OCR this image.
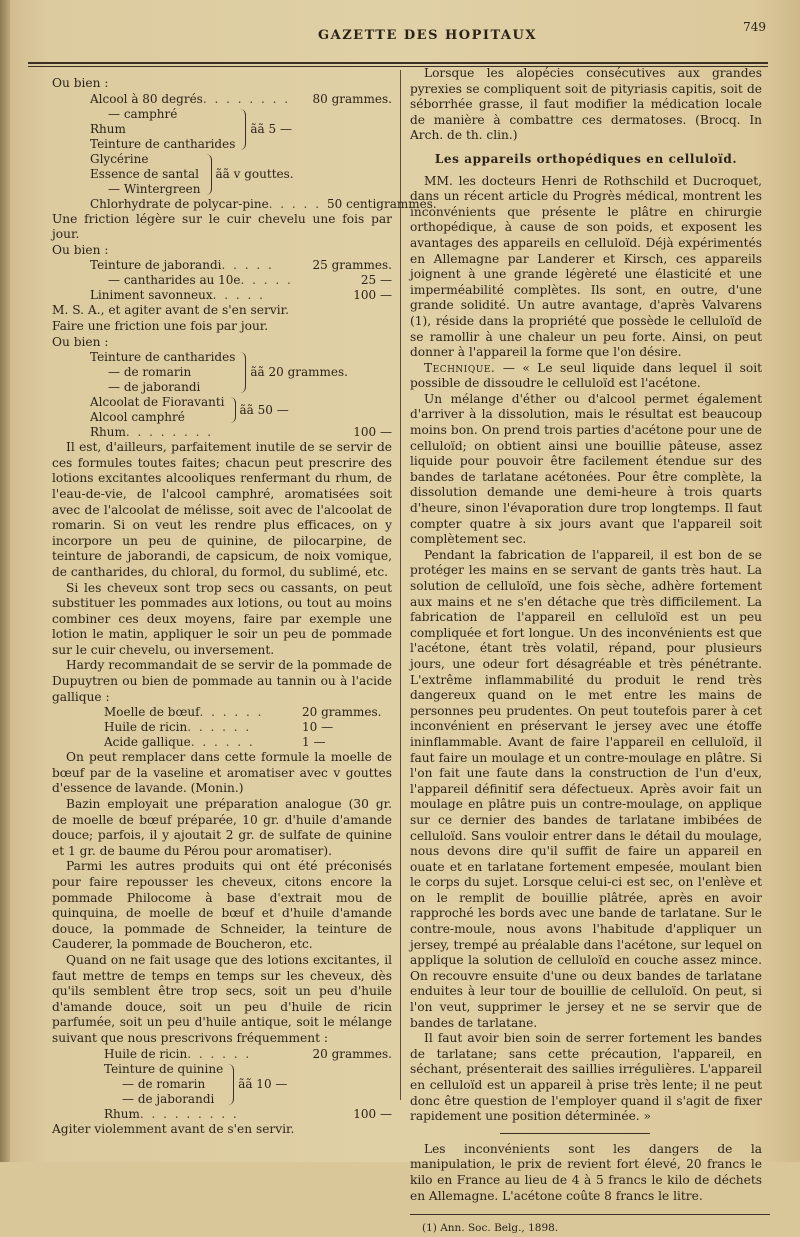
GAZETTE DES HOPITAUX
749

Ou bien :

Alcool à 80 degrés . . . . . . . .	80 grammes.
— camphré
Rhum
Teinture de cantharides
ãã 5 —
Glycérine
Essence de santal
— Wintergreen
ãã v gouttes.
Chlorhydrate de polycar-pine . . . . . 50 centigrammes.

Une friction légère sur le cuir chevelu une fois par jour.

Ou bien :

Teinture de jaborandi . . . . .	25 grammes.
— cantharides au 10e . . . . .	25 —
Liniment savonneux . . . . .	100 —

M. S. A., et agiter avant de s'en servir.

Faire une friction une fois par jour.

Ou bien :

Teinture de cantharides
— de romarin
— de jaborandi
ãã 20 grammes.
Alcoolat de Fioravanti
Alcool camphré
ãã 50 —
Rhum . . . . . . . .	100 —

Il est, d'ailleurs, parfaitement inutile de se servir de ces formules toutes faites; chacun peut prescrire des lotions excitantes alcooliques renfermant du rhum, de l'eau-de-vie, de l'alcool camphré, aromatisées soit avec de l'alcoolat de mélisse, soit avec de l'alcoolat de romarin. Si on veut les rendre plus efficaces, on y incorpore un peu de quinine, de pilocarpine, de teinture de jaborandi, de capsicum, de noix vomique, de cantharides, du chloral, du formol, du sublimé, etc.

Si les cheveux sont trop secs ou cassants, on peut substituer les pommades aux lotions, ou tout au moins combiner ces deux moyens, faire par exemple une lotion le matin, appliquer le soir un peu de pommade sur le cuir chevelu, ou inversement.

Hardy recommandait de se servir de la pommade de Dupuytren ou bien de pommade au tannin ou à l'acide gallique :

Moelle de bœuf . . . . . .	20 grammes.
Huile de ricin . . . . . .	10 —
Acide gallique . . . . . .	1 —

On peut remplacer dans cette formule la moelle de bœuf par de la vaseline et aromatiser avec v gouttes d'essence de lavande. (Monin.)

Bazin employait une préparation analogue (30 gr. de moelle de bœuf préparée, 10 gr. d'huile d'amande douce; parfois, il y ajoutait 2 gr. de sulfate de quinine et 1 gr. de baume du Pérou pour aromatiser).

Parmi les autres produits qui ont été préconisés pour faire repousser les cheveux, citons encore la pommade Philocome à base d'extrait mou de quinquina, de moelle de bœuf et d'huile d'amande douce, la pommade de Schneider, la teinture de Cauderer, la pommade de Boucheron, etc.

Quand on ne fait usage que des lotions excitantes, il faut mettre de temps en temps sur les cheveux, dès qu'ils semblent être trop secs, soit un peu d'huile d'amande douce, soit un peu d'huile de ricin parfumée, soit un peu d'huile antique, soit le mélange suivant que nous prescrivons fréquemment :

Huile de ricin . . . . . .	20 grammes.
Teinture de quinine
— de romarin
— de jaborandi
ãã 10 —
Rhum . . . . . . . . .	100 —

Agiter violemment avant de s'en servir.

Lorsque les alopécies consécutives aux grandes pyrexies se compliquent soit de pityriasis capitis, soit de séborrhée grasse, il faut modifier la médication locale de manière à combattre ces dermatoses. (Brocq. In Arch. de th. clin.)

Les appareils orthopédiques en celluloïd.

MM. les docteurs Henri de Rothschild et Ducroquet, dans un récent article du Progrès médical, montrent les inconvénients que présente le plâtre en chirurgie orthopédique, à cause de son poids, et exposent les avantages des appareils en celluloïd. Déjà expérimentés en Allemagne par Landerer et Kirsch, ces appareils joignent à une grande légèreté une élasticité et une imperméabilité complètes. Ils sont, en outre, d'une grande solidité. Un autre avantage, d'après Valvarens (1), réside dans la propriété que possède le celluloïd de se ramollir à une chaleur un peu forte. Ainsi, on peut donner à l'appareil la forme que l'on désire.

Technique. — « Le seul liquide dans lequel il soit possible de dissoudre le celluloïd est l'acétone.

Un mélange d'éther ou d'alcool permet également d'arriver à la dissolution, mais le résultat est beaucoup moins bon. On prend trois parties d'acétone pour une de celluloïd; on obtient ainsi une bouillie pâteuse, assez liquide pour pouvoir être facilement étendue sur des bandes de tarlatane acétonées. Pour être complète, la dissolution demande une demi-heure à trois quarts d'heure, sinon l'évaporation dure trop longtemps. Il faut compter quatre à six jours avant que l'appareil soit complètement sec.

Pendant la fabrication de l'appareil, il est bon de se protéger les mains en se servant de gants très haut. La solution de celluloïd, une fois sèche, adhère fortement aux mains et ne s'en détache que très difficilement. La fabrication de l'appareil en celluloïd est un peu compliquée et fort longue. Un des inconvénients est que l'acétone, étant très volatil, répand, pour plusieurs jours, une odeur fort désagréable et très pénétrante. L'extrême inflammabilité du produit le rend très dangereux quand on le met entre les mains de personnes peu prudentes. On peut toutefois parer à cet inconvénient en préservant le jersey avec une étoffe ininflammable. Avant de faire l'appareil en celluloïd, il faut faire un moulage et un contre-moulage en plâtre. Si l'on fait une faute dans la construction de l'un d'eux, l'appareil définitif sera défectueux. Après avoir fait un moulage en plâtre puis un contre-moulage, on applique sur ce dernier des bandes de tarlatane imbibées de celluloïd. Sans vouloir entrer dans le détail du moulage, nous devons dire qu'il suffit de faire un appareil en ouate et en tarlatane fortement empesée, moulant bien le corps du sujet. Lorsque celui-ci est sec, on l'enlève et on le remplit de bouillie plâtrée, après en avoir rapproché les bords avec une bande de tarlatane. Sur le contre-moule, nous avons l'habitude d'appliquer un jersey, trempé au préalable dans l'acétone, sur lequel on applique la solution de celluloïd en couche assez mince. On recouvre ensuite d'une ou deux bandes de tarlatane enduites à leur tour de bouillie de celluloïd. On peut, si l'on veut, supprimer le jersey et ne se servir que de bandes de tarlatane.

Il faut avoir bien soin de serrer fortement les bandes de tarlatane; sans cette précaution, l'appareil, en séchant, présenterait des saillies irrégulières. L'appareil en celluloïd est un appareil à prise très lente; il ne peut donc être question de l'employer quand il s'agit de fixer rapidement une position déterminée. »

Les inconvénients sont les dangers de la manipulation, le prix de revient fort élevé, 20 francs le kilo en France au lieu de 4 à 5 francs le kilo de déchets en Allemagne. L'acétone coûte 8 francs le litre.

(1) Ann. Soc. Belg., 1898.
